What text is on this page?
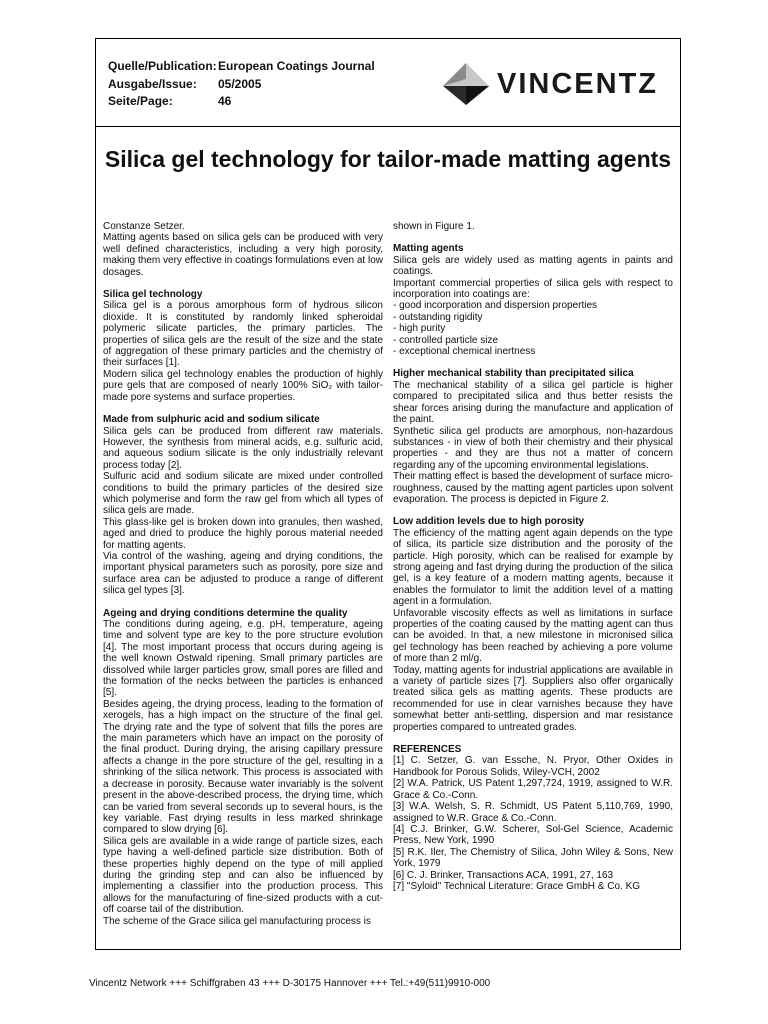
Quelle/Publication: European Coatings Journal
Ausgabe/Issue:	05/2005
Seite/Page:	46
VINCENTZ
Silica gel technology for tailor-made matting agents

Constanze Setzer.

Matting agents based on silica gels can be produced with very well defined characteristics, including a very high porosity, making them very effective in coatings formulations even at low dosages.

Silica gel technology

Silica gel is a porous amorphous form of hydrous silicon dioxide. It is constituted by randomly linked spheroidal polymeric silicate particles, the primary particles. The properties of silica gels are the result of the size and the state of aggregation of these primary particles and the chemistry of their surfaces [1].

Modern silica gel technology enables the production of highly pure gels that are composed of nearly 100% SiO₂ with tailor-made pore systems and surface properties.

Made from sulphuric acid and sodium silicate

Silica gels can be produced from different raw materials. However, the synthesis from mineral acids, e.g. sulfuric acid, and aqueous sodium silicate is the only industrially relevant process today [2].

Sulfuric acid and sodium silicate are mixed under controlled conditions to build the primary particles of the desired size which polymerise and form the raw gel from which all types of silica gels are made.

This glass-like gel is broken down into granules, then washed, aged and dried to produce the highly porous material needed for matting agents.

Via control of the washing, ageing and drying conditions, the important physical parameters such as porosity, pore size and surface area can be adjusted to produce a range of different silica gel types [3].

Ageing and drying conditions determine the quality

The conditions during ageing, e.g. pH, temperature, ageing time and solvent type are key to the pore structure evolution [4]. The most important process that occurs during ageing is the well known Ostwald ripening. Small primary particles are dissolved while larger particles grow, small pores are filled and the formation of the necks between the particles is enhanced [5].

Besides ageing, the drying process, leading to the formation of xerogels, has a high impact on the structure of the final gel. The drying rate and the type of solvent that fills the pores are the main parameters which have an impact on the porosity of the final product. During drying, the arising capillary pressure affects a change in the pore structure of the gel, resulting in a shrinking of the silica network. This process is associated with a decrease in porosity. Because water invariably is the solvent present in the above-described process, the drying time, which can be varied from several seconds up to several hours, is the key variable. Fast drying results in less marked shrinkage compared to slow drying [6].

Silica gels are available in a wide range of particle sizes, each type having a well-defined particle size distribution. Both of these properties highly depend on the type of mill applied during the grinding step and can also be influenced by implementing a classifier into the production process. This allows for the manufacturing of fine-sized products with a cut-off coarse tail of the distribution.

The scheme of the Grace silica gel manufacturing process is

shown in Figure 1.

Matting agents

Silica gels are widely used as matting agents in paints and coatings.

Important commercial properties of silica gels with respect to incorporation into coatings are:

- good incorporation and dispersion properties

- outstanding rigidity

- high purity

- controlled particle size

- exceptional chemical inertness

Higher mechanical stability than precipitated silica

The mechanical stability of a silica gel particle is higher compared to precipitated silica and thus better resists the shear forces arising during the manufacture and application of the paint.

Synthetic silica gel products are amorphous, non-hazardous substances - in view of both their chemistry and their physical properties - and they are thus not a matter of concern regarding any of the upcoming environmental legislations.

Their matting effect is based the development of surface micro-roughness, caused by the matting agent particles upon solvent evaporation. The process is depicted in Figure 2.

Low addition levels due to high porosity

The efficiency of the matting agent again depends on the type of silica, its particle size distribution and the porosity of the particle. High porosity, which can be realised for example by strong ageing and fast drying during the production of the silica gel, is a key feature of a modern matting agents, because it enables the formulator to limit the addition level of a matting agent in a formulation.

Unfavorable viscosity effects as well as limitations in surface properties of the coating caused by the matting agent can thus can be avoided. In that, a new milestone in micronised silica gel technology has been reached by achieving a pore volume of more than 2 ml/g.

Today, matting agents for industrial applications are available in a variety of particle sizes [7]. Suppliers also offer organically treated silica gels as matting agents. These products are recommended for use in clear varnishes because they have somewhat better anti-settling, dispersion and mar resistance properties compared to untreated grades.

REFERENCES

[1] C. Setzer, G. van Essche, N. Pryor, Other Oxides in Handbook for Porous Solids, Wiley-VCH, 2002

[2] W.A. Patrick, US Patent 1,297,724, 1919, assigned to W.R. Grace & Co.-Conn.

[3] W.A. Welsh, S. R. Schmidt, US Patent 5,110,769, 1990, assigned to W.R. Grace & Co.-Conn.

[4] C.J. Brinker, G.W. Scherer, Sol-Gel Science, Academic Press, New York, 1990

[5] R.K. Iler, The Chemistry of Silica, John Wiley & Sons, New York, 1979

[6] C. J. Brinker, Transactions ACA, 1991, 27, 163

[7] "Syloid" Technical Literature: Grace GmbH & Co. KG

Vincentz Network +++ Schiffgraben 43 +++ D-30175 Hannover +++ Tel.:+49(511)9910-000
